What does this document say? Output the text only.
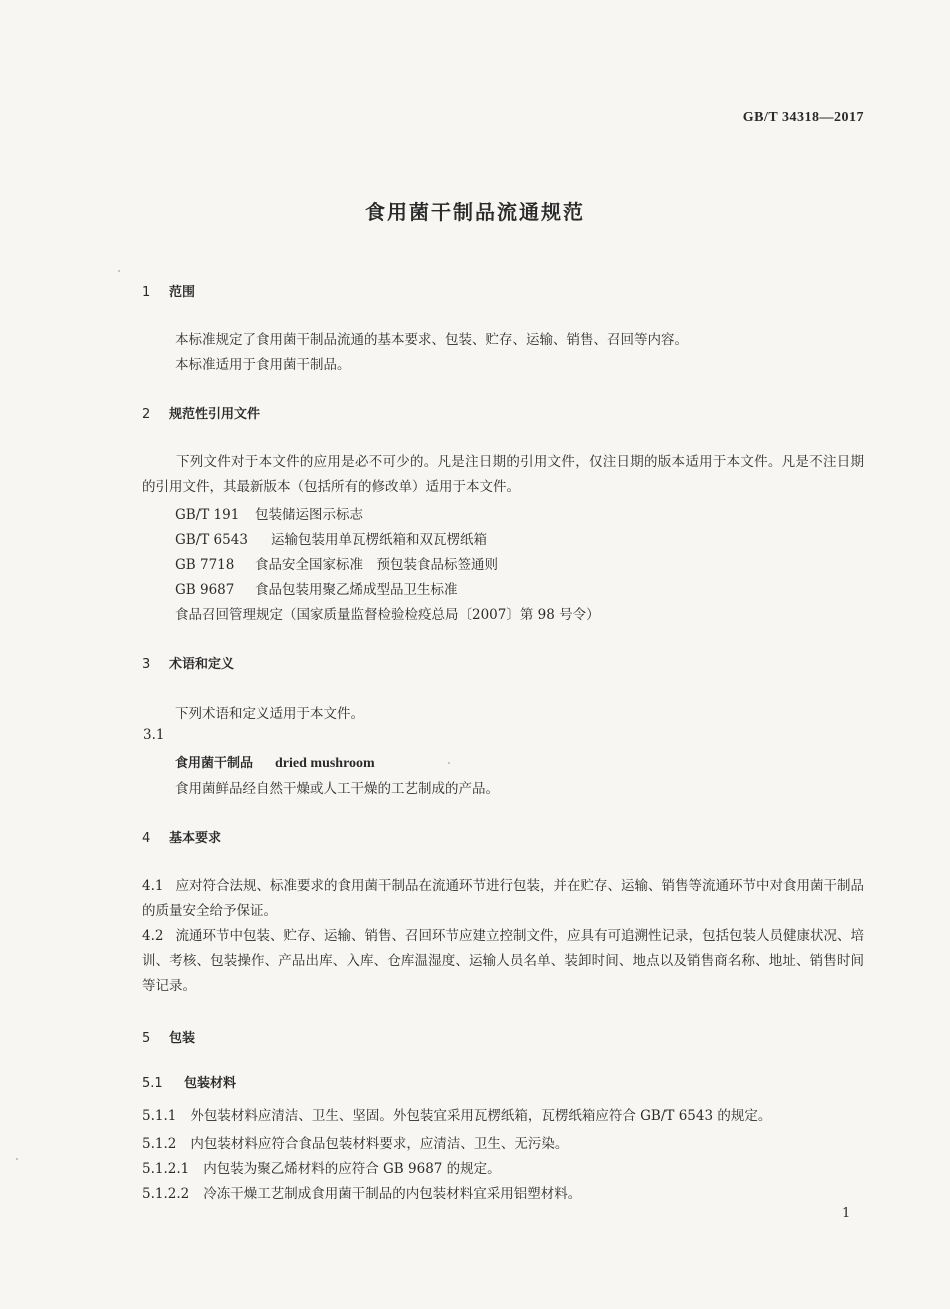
GB/T 34318—2017
食用菌干制品流通规范
1 范围
本标准规定了食用菌干制品流通的基本要求、包装、贮存、运输、销售、召回等内容。
本标准适用于食用菌干制品。
2 规范性引用文件
下列文件对于本文件的应用是必不可少的。凡是注日期的引用文件，仅注日期的版本适用于本文件。凡是不注日期的引用文件，其最新版本（包括所有的修改单）适用于本文件。
GB/T 191 包装储运图示标志
GB/T 6543 运输包装用单瓦楞纸箱和双瓦楞纸箱
GB 7718 食品安全国家标准　预包装食品标签通则
GB 9687 食品包装用聚乙烯成型品卫生标准
食品召回管理规定（国家质量监督检验检疫总局〔2007〕第 98 号令）
3 术语和定义
下列术语和定义适用于本文件。
3.1
食用菌干制品 dried mushroom
食用菌鲜品经自然干燥或人工干燥的工艺制成的产品。
4 基本要求
4.1 应对符合法规、标准要求的食用菌干制品在流通环节进行包装，并在贮存、运输、销售等流通环节中对食用菌干制品的质量安全给予保证。
4.2 流通环节中包装、贮存、运输、销售、召回环节应建立控制文件，应具有可追溯性记录，包括包装人员健康状况、培训、考核、包装操作、产品出库、入库、仓库温湿度、运输人员名单、装卸时间、地点以及销售商名称、地址、销售时间等记录。
5 包装
5.1 包装材料
5.1.1 外包装材料应清洁、卫生、坚固。外包装宜采用瓦楞纸箱，瓦楞纸箱应符合 GB/T 6543 的规定。
5.1.2 内包装材料应符合食品包装材料要求，应清洁、卫生、无污染。
5.1.2.1 内包装为聚乙烯材料的应符合 GB 9687 的规定。
5.1.2.2 冷冻干燥工艺制成食用菌干制品的内包装材料宜采用铝塑材料。
1
